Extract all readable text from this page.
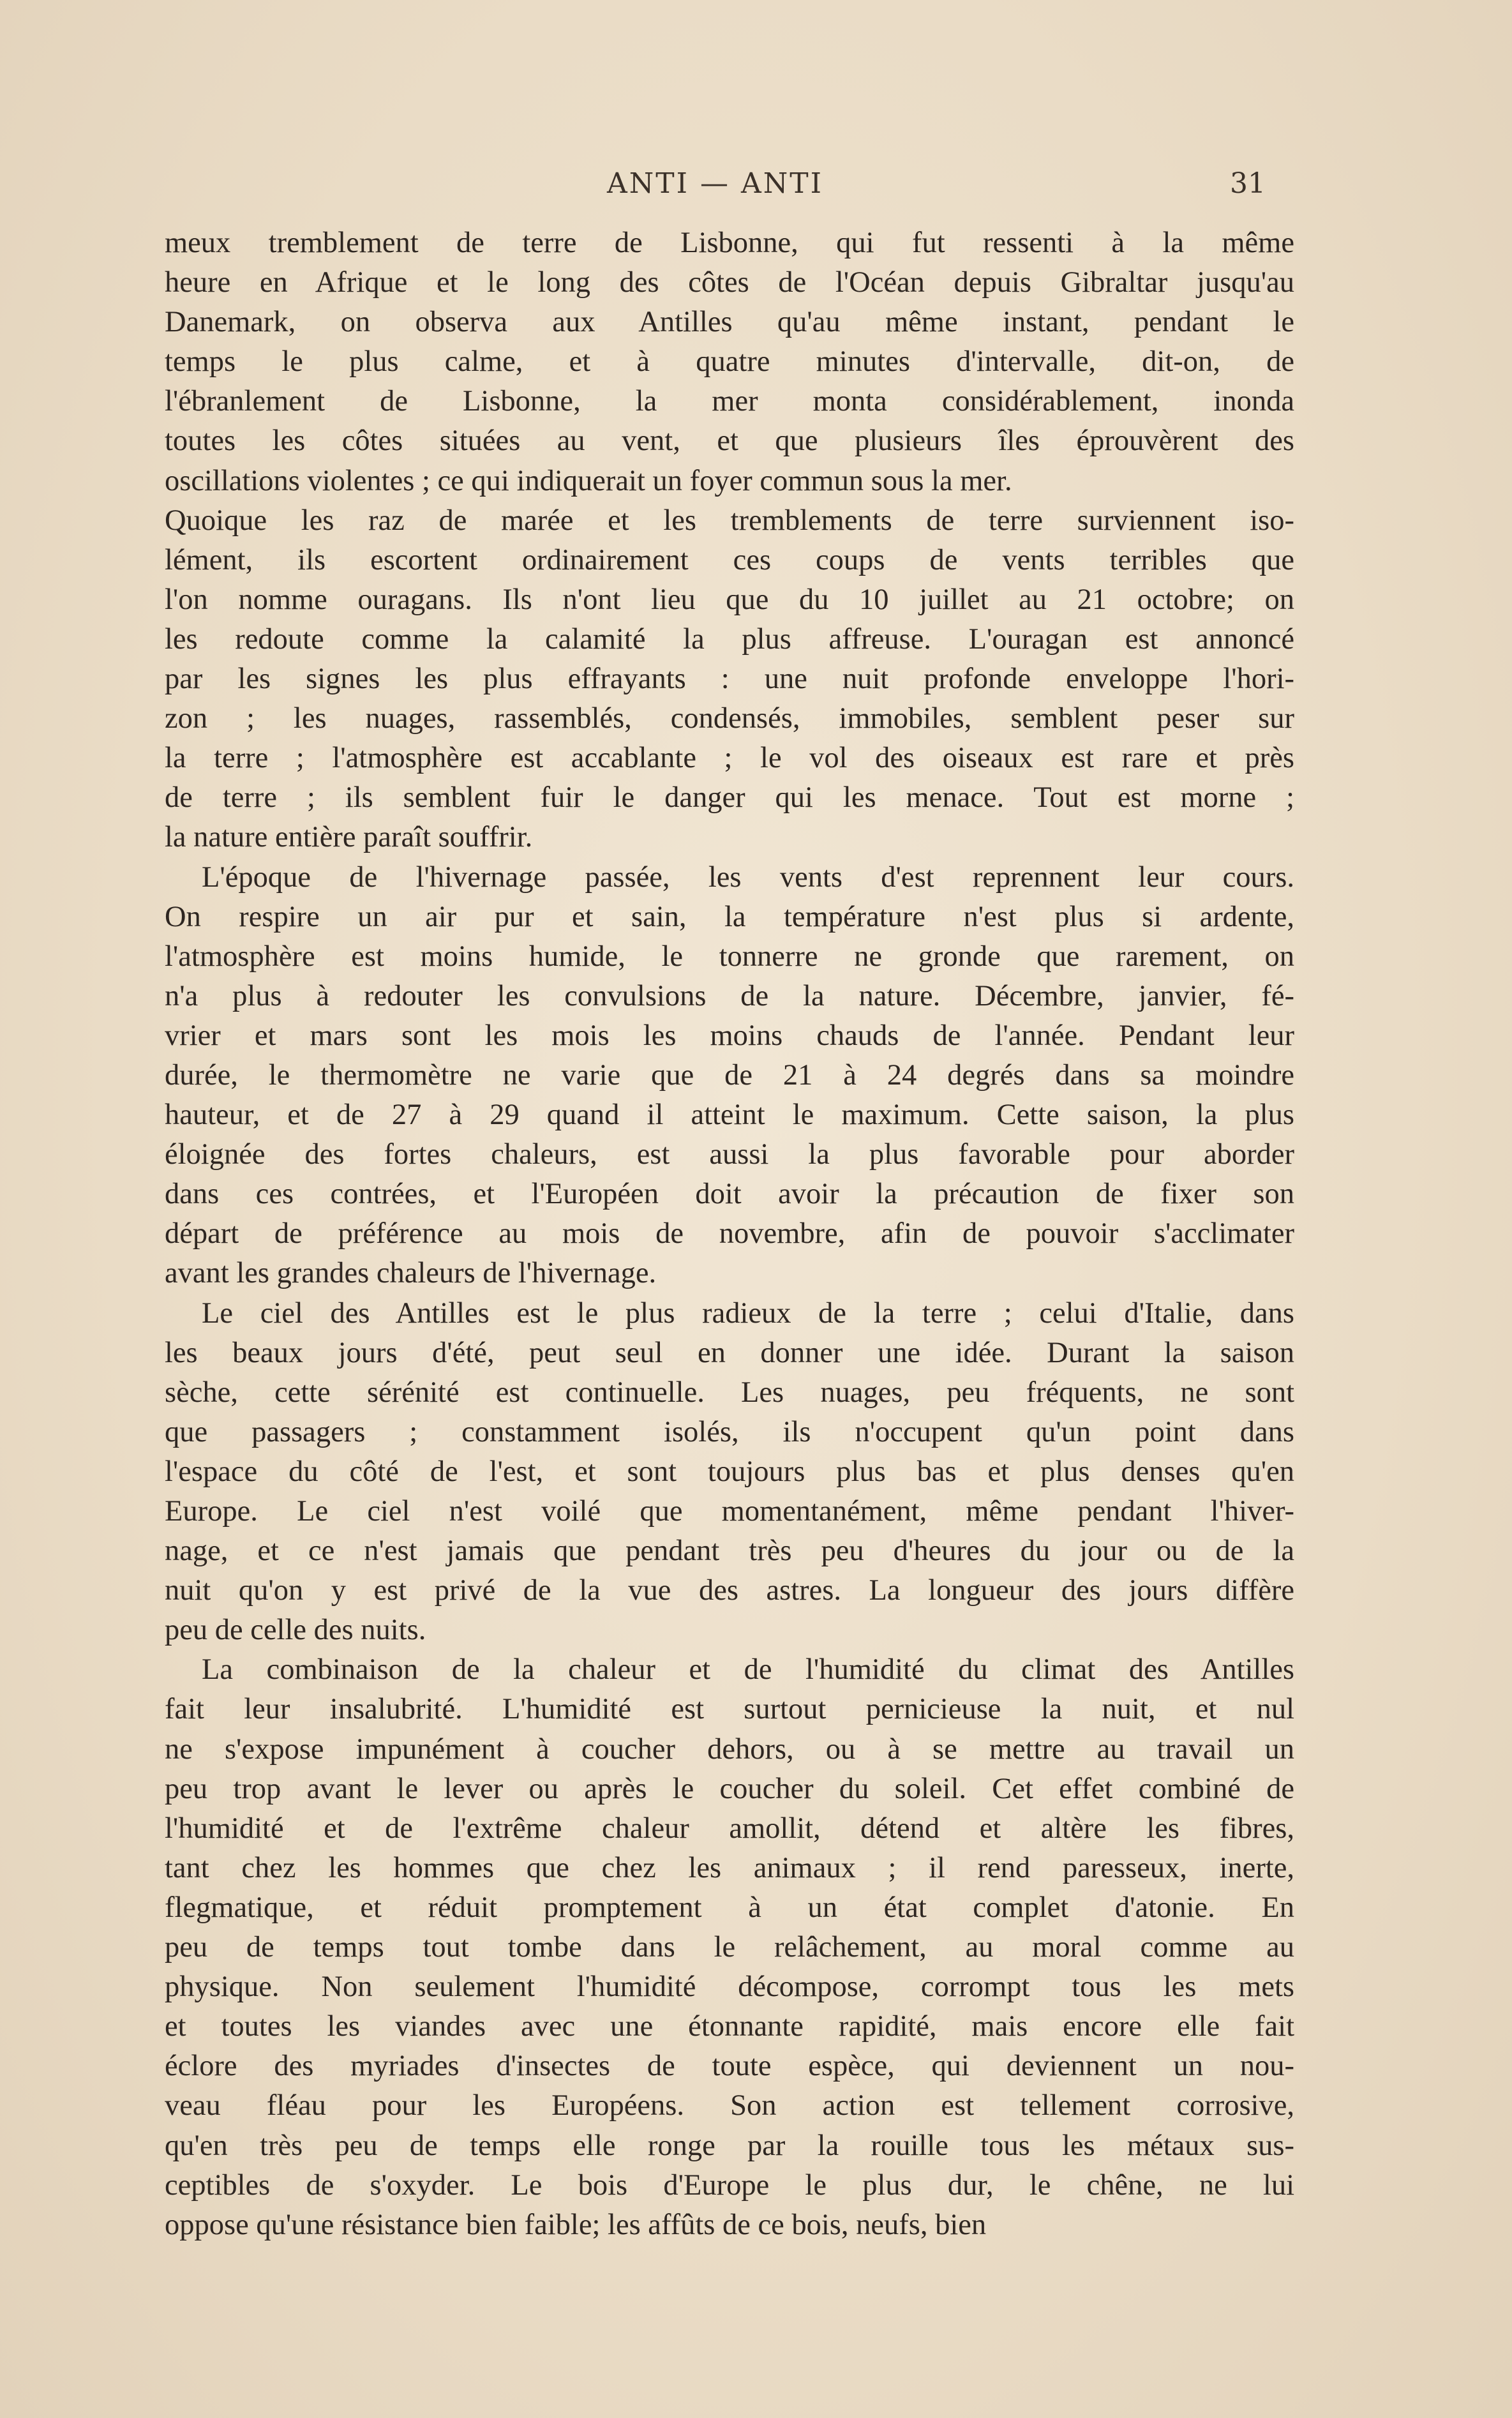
ANTI — ANTI	31
meux tremblement de terre de Lisbonne, qui fut ressenti à la même
heure en Afrique et le long des côtes de l'Océan depuis Gibraltar jusqu'au
Danemark, on observa aux Antilles qu'au même instant, pendant le
temps le plus calme, et à quatre minutes d'intervalle, dit-on, de
l'ébranlement de Lisbonne, la mer monta considérablement, inonda
toutes les côtes situées au vent, et que plusieurs îles éprouvèrent des
oscillations violentes ; ce qui indiquerait un foyer commun sous la mer.
Quoique les raz de marée et les tremblements de terre surviennent iso-
lément, ils escortent ordinairement ces coups de vents terribles que
l'on nomme ouragans. Ils n'ont lieu que du 10 juillet au 21 octobre; on
les redoute comme la calamité la plus affreuse. L'ouragan est annoncé
par les signes les plus effrayants : une nuit profonde enveloppe l'hori-
zon ; les nuages, rassemblés, condensés, immobiles, semblent peser sur
la terre ; l'atmosphère est accablante ; le vol des oiseaux est rare et près
de terre ; ils semblent fuir le danger qui les menace. Tout est morne ;
la nature entière paraît souffrir.
L'époque de l'hivernage passée, les vents d'est reprennent leur cours.
On respire un air pur et sain, la température n'est plus si ardente,
l'atmosphère est moins humide, le tonnerre ne gronde que rarement, on
n'a plus à redouter les convulsions de la nature. Décembre, janvier, fé-
vrier et mars sont les mois les moins chauds de l'année. Pendant leur
durée, le thermomètre ne varie que de 21 à 24 degrés dans sa moindre
hauteur, et de 27 à 29 quand il atteint le maximum. Cette saison, la plus
éloignée des fortes chaleurs, est aussi la plus favorable pour aborder
dans ces contrées, et l'Européen doit avoir la précaution de fixer son
départ de préférence au mois de novembre, afin de pouvoir s'acclimater
avant les grandes chaleurs de l'hivernage.
Le ciel des Antilles est le plus radieux de la terre ; celui d'Italie, dans
les beaux jours d'été, peut seul en donner une idée. Durant la saison
sèche, cette sérénité est continuelle. Les nuages, peu fréquents, ne sont
que passagers ; constamment isolés, ils n'occupent qu'un point dans
l'espace du côté de l'est, et sont toujours plus bas et plus denses qu'en
Europe. Le ciel n'est voilé que momentanément, même pendant l'hiver-
nage, et ce n'est jamais que pendant très peu d'heures du jour ou de la
nuit qu'on y est privé de la vue des astres. La longueur des jours diffère
peu de celle des nuits.
La combinaison de la chaleur et de l'humidité du climat des Antilles
fait leur insalubrité. L'humidité est surtout pernicieuse la nuit, et nul
ne s'expose impunément à coucher dehors, ou à se mettre au travail un
peu trop avant le lever ou après le coucher du soleil. Cet effet combiné de
l'humidité et de l'extrême chaleur amollit, détend et altère les fibres,
tant chez les hommes que chez les animaux ; il rend paresseux, inerte,
flegmatique, et réduit promptement à un état complet d'atonie. En
peu de temps tout tombe dans le relâchement, au moral comme au
physique. Non seulement l'humidité décompose, corrompt tous les mets
et toutes les viandes avec une étonnante rapidité, mais encore elle fait
éclore des myriades d'insectes de toute espèce, qui deviennent un nou-
veau fléau pour les Européens. Son action est tellement corrosive,
qu'en très peu de temps elle ronge par la rouille tous les métaux sus-
ceptibles de s'oxyder. Le bois d'Europe le plus dur, le chêne, ne lui
oppose qu'une résistance bien faible; les affûts de ce bois, neufs, bien
